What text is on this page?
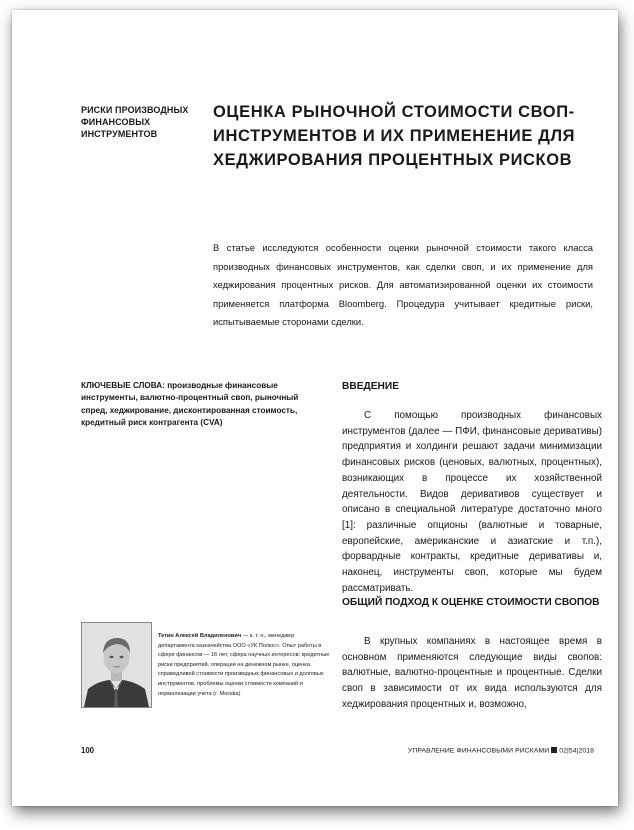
РИСКИ ПРОИЗВОДНЫХ ФИНАНСОВЫХ ИНСТРУМЕНТОВ
ОЦЕНКА РЫНОЧНОЙ СТОИМОСТИ СВОП-ИНСТРУМЕНТОВ И ИХ ПРИМЕНЕНИЕ ДЛЯ ХЕДЖИРОВАНИЯ ПРОЦЕНТНЫХ РИСКОВ
В статье исследуются особенности оценки рыночной стоимости такого класса производных финансовых инструментов, как сделки своп, и их применение для хеджирования процентных рисков. Для автоматизированной оценки их стоимости применяется платформа Bloomberg. Процедура учитывает кредитные риски, испытываемые сторонами сделки.
КЛЮЧЕВЫЕ СЛОВА: производные финансовые инструменты, валютно-процентный своп, рыночный спред, хеджирование, дисконтированная стоимость, кредитный риск контрагента (CVA)
ВВЕДЕНИЕ
С помощью производных финансовых инструментов (далее — ПФИ, финансовые деривативы) предприятия и холдинги решают задачи минимизации финансовых рисков (ценовых, валютных, процентных), возникающих в процессе их хозяйственной деятельности. Видов деривативов существует и описано в специальной литературе достаточно много [1]: различные опционы (валютные и товарные, европейские, американские и азиатские и т.п.), форвардные контракты, кредитные деривативы и, наконец, инструменты своп, которые мы будем рассматривать.
ОБЩИЙ ПОДХОД К ОЦЕНКЕ СТОИМОСТИ СВОПОВ
В крупных компаниях в настоящее время в основном применяются следующие виды свопов: валютные, валютно-процентные и процентные. Сделки своп в зависимости от их вида используются для хеджирования процентных и, возможно,
Тетин Алексей Владиленович — к. т. н., менеджер департамента казначейства ООО «УК Полюс». Опыт работы в сфере финансов — 16 лет, сфера научных интересов: кредитные риски предприятий, операции на денежном рынке, оценка справедливой стоимости производных финансовых и долговых инструментов, проблемы оценки стоимости компаний и нормализации учета (г. Москва)
100	УПРАВЛЕНИЕ ФИНАНСОВЫМИ РИСКАМИ 02|54|2018
